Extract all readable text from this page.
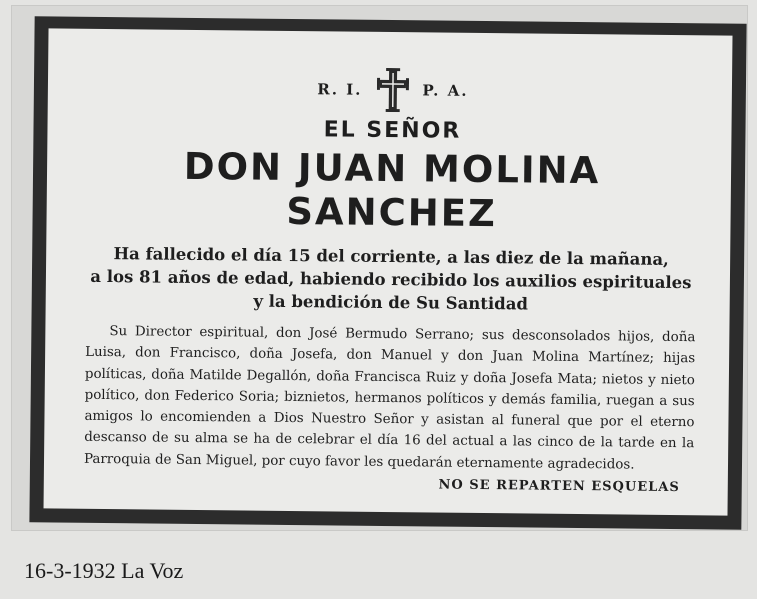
R. I.	P. A.
EL SEÑOR
DON JUAN MOLINA SANCHEZ
Ha fallecido el día 15 del corriente, a las diez de la mañana,
a los 81 años de edad, habiendo recibido los auxilios espirituales
y la bendición de Su Santidad
Su Director espiritual, don José Bermudo Serrano; sus desconsolados hijos, doña Luisa, don Francisco, doña Josefa, don Manuel y don Juan Molina Martínez; hijas políticas, doña Matilde Degallón, doña Francisca Ruiz y doña Josefa Mata; nietos y nieto político, don Federico Soria; biznietos, hermanos políticos y demás familia, ruegan a sus amigos lo encomienden a Dios Nuestro Señor y asistan al funeral que por el eterno descanso de su alma se ha de celebrar el día 16 del actual a las cinco de la tarde en la Parroquia de San Miguel, por cuyo favor les quedarán eternamente agradecidos.
NO SE REPARTEN ESQUELAS
16-3-1932 La Voz
